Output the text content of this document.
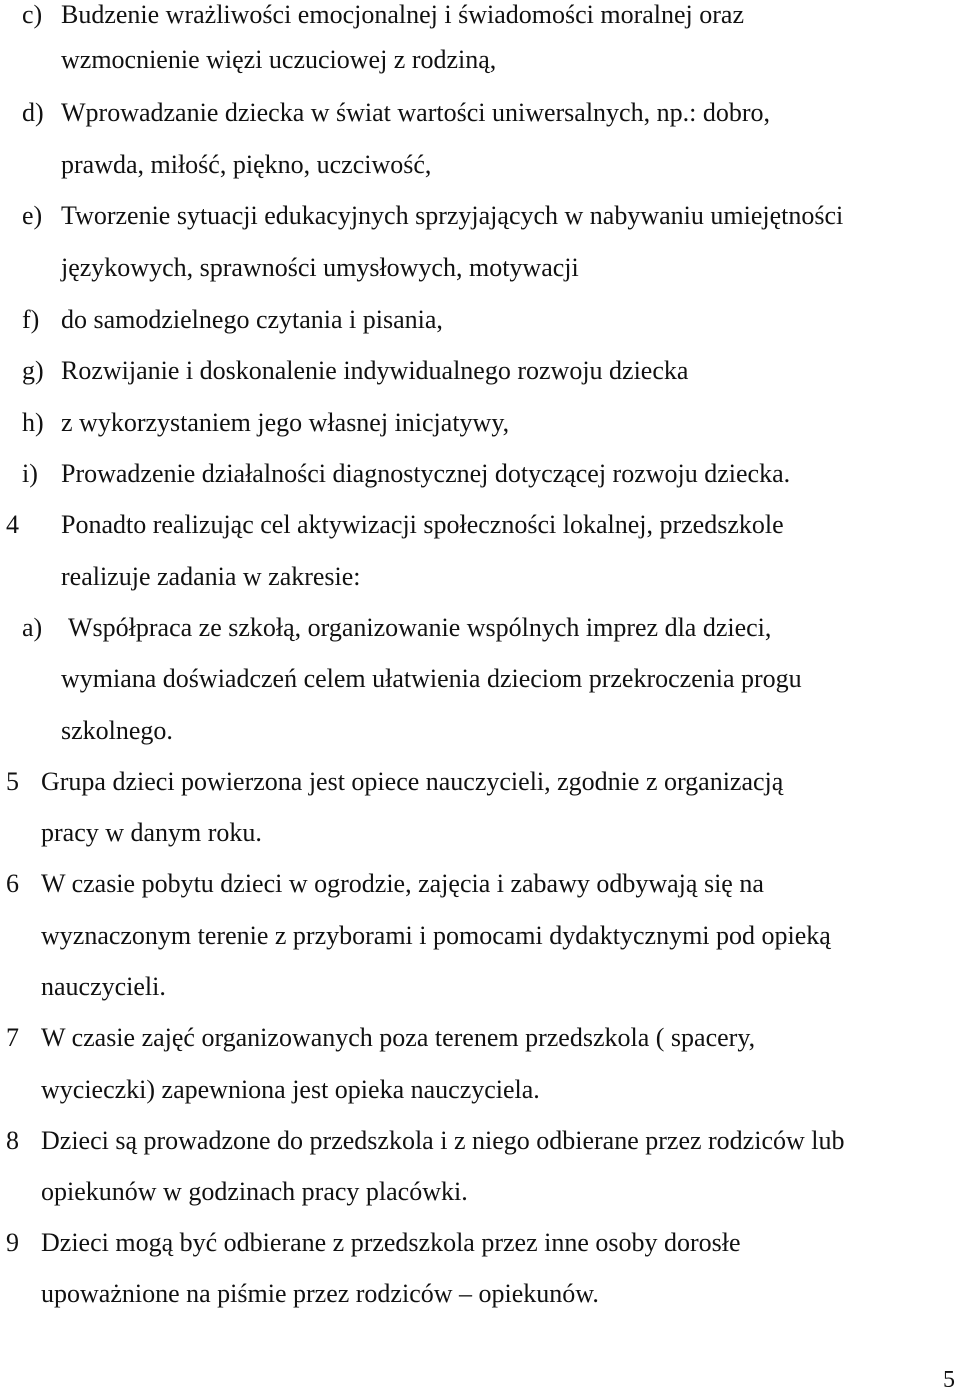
c) Budzenie wrażliwości emocjonalnej i świadomości moralnej oraz
wzmocnienie więzi uczuciowej z rodziną,
d) Wprowadzanie dziecka w świat wartości uniwersalnych, np.: dobro,
prawda, miłość, piękno, uczciwość,
e) Tworzenie sytuacji edukacyjnych sprzyjających w nabywaniu umiejętności
językowych, sprawności umysłowych, motywacji
f) do samodzielnego czytania i pisania,
g) Rozwijanie i doskonalenie indywidualnego rozwoju dziecka
h) z wykorzystaniem jego własnej inicjatywy,
i) Prowadzenie działalności diagnostycznej dotyczącej rozwoju dziecka.
4 Ponadto realizując cel aktywizacji społeczności lokalnej, przedszkole
realizuje zadania w zakresie:
a) Współpraca ze szkołą, organizowanie wspólnych imprez dla dzieci,
wymiana doświadczeń celem ułatwienia dzieciom przekroczenia progu
szkolnego.
5 Grupa dzieci powierzona jest opiece nauczycieli, zgodnie z organizacją
pracy w danym roku.
6 W czasie pobytu dzieci w ogrodzie, zajęcia i zabawy odbywają się na
wyznaczonym terenie z przyborami i pomocami dydaktycznymi pod opieką
nauczycieli.
7 W czasie zajęć organizowanych poza terenem przedszkola ( spacery,
wycieczki) zapewniona jest opieka nauczyciela.
8 Dzieci są prowadzone do przedszkola i z niego odbierane przez rodziców lub
opiekunów w godzinach pracy placówki.
9 Dzieci mogą być odbierane z przedszkola przez inne osoby dorosłe
upoważnione na piśmie przez rodziców – opiekunów.
5
